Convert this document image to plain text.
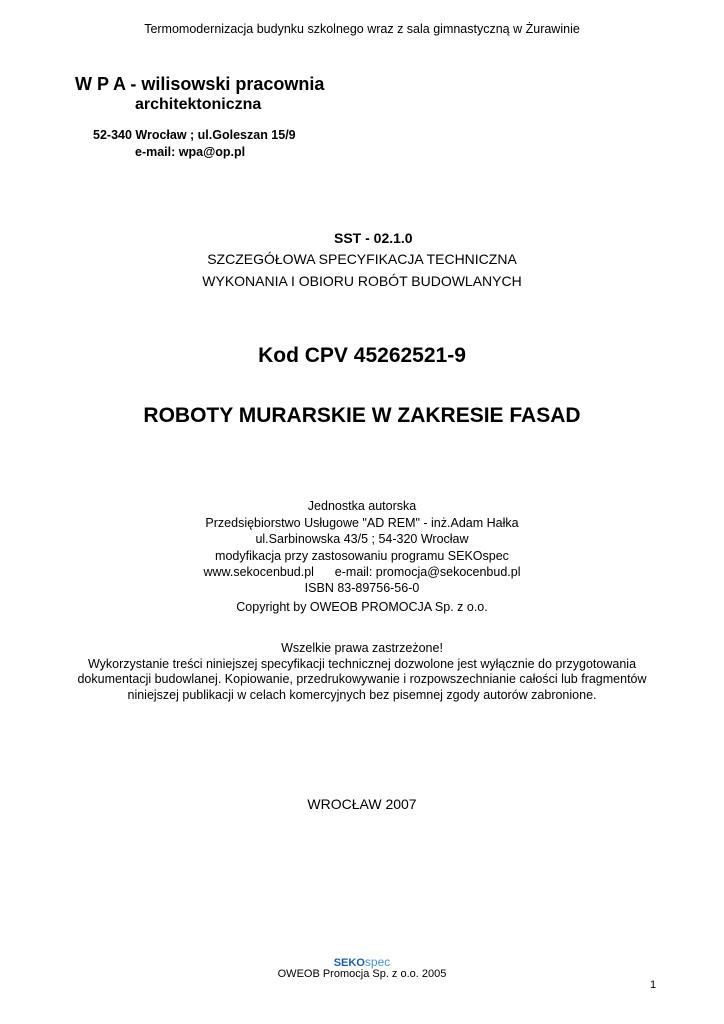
Termomodernizacja budynku szkolnego wraz z sala gimnastyczną w Żurawinie
W P A - wilisowski pracownia
architektoniczna
52-340 Wrocław ; ul.Goleszan 15/9
e-mail: wpa@op.pl
SST - 02.1.0
SZCZEGÓŁOWA SPECYFIKACJA TECHNICZNA
WYKONANIA I OBIORU ROBÓT BUDOWLANYCH
Kod CPV 45262521-9
ROBOTY MURARSKIE W ZAKRESIE FASAD
Jednostka autorska
Przedsiębiorstwo Usługowe "AD REM" - inż.Adam Hałka
ul.Sarbinowska 43/5 ; 54-320 Wrocław
modyfikacja przy zastosowaniu programu SEKOspec
www.sekocenbud.pl      e-mail: promocja@sekocenbud.pl
ISBN 83-89756-56-0
Copyright by OWEOB PROMOCJA Sp. z o.o.
Wszelkie prawa zastrzeżone!
Wykorzystanie treści niniejszej specyfikacji technicznej dozwolone jest wyłącznie do przygotowania
dokumentacji budowlanej. Kopiowanie, przedrukowywanie i rozpowszechnianie całości lub fragmentów
niniejszej publikacji w celach komercyjnych bez pisemnej zgody autorów zabronione.
WROCŁAW 2007
SEKOspec
OWEOB Promocja Sp. z o.o. 2005
1
